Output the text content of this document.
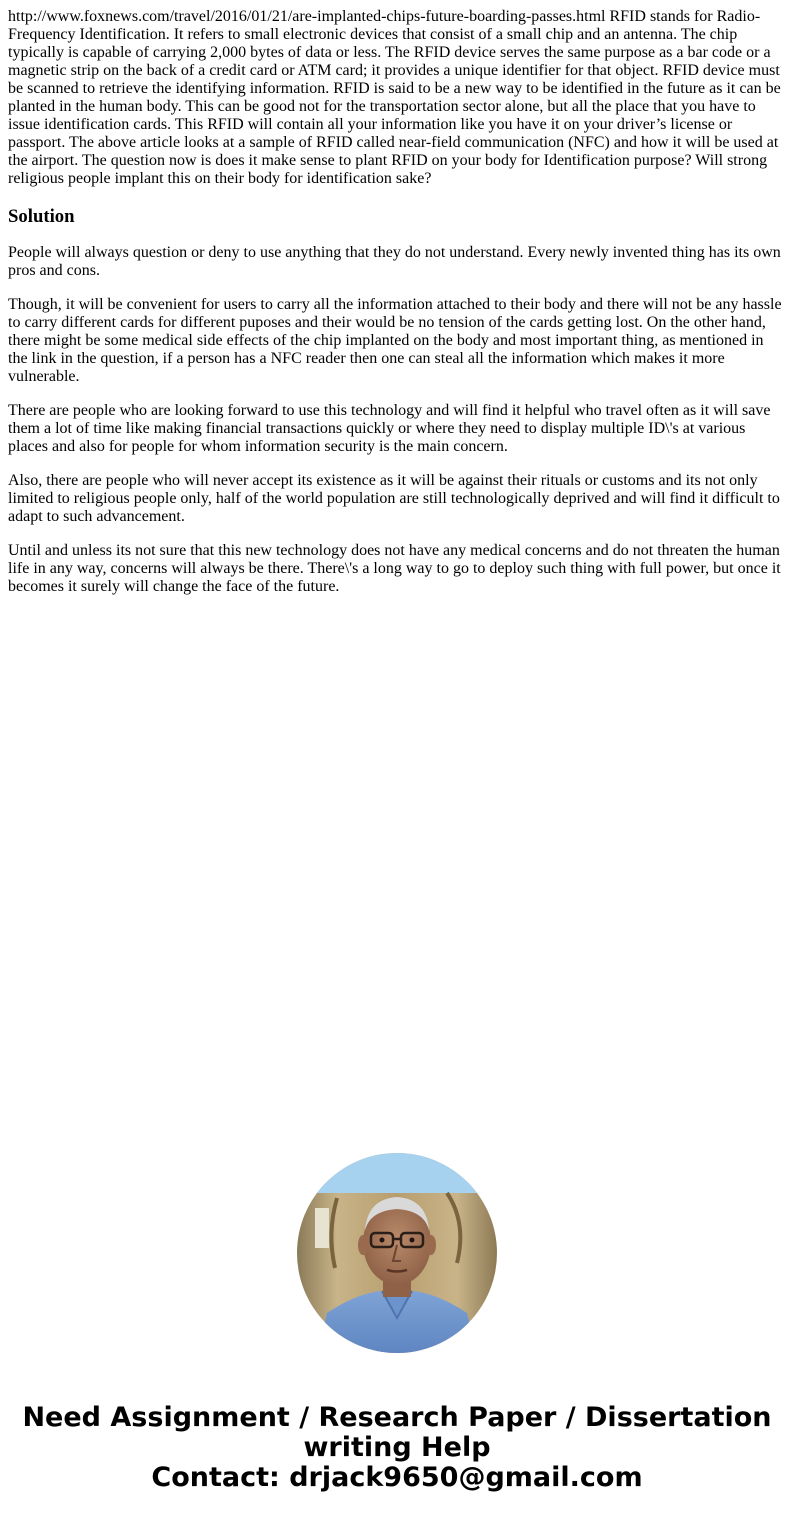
http://www.foxnews.com/travel/2016/01/21/are-implanted-chips-future-boarding-passes.html RFID stands for Radio-Frequency Identification. It refers to small electronic devices that consist of a small chip and an antenna. The chip typically is capable of carrying 2,000 bytes of data or less. The RFID device serves the same purpose as a bar code or a magnetic strip on the back of a credit card or ATM card; it provides a unique identifier for that object. RFID device must be scanned to retrieve the identifying information. RFID is said to be a new way to be identified in the future as it can be planted in the human body. This can be good not for the transportation sector alone, but all the place that you have to issue identification cards. This RFID will contain all your information like you have it on your driver’s license or passport. The above article looks at a sample of RFID called near-field communication (NFC) and how it will be used at the airport. The question now is does it make sense to plant RFID on your body for Identification purpose? Will strong religious people implant this on their body for identification sake?

Solution

People will always question or deny to use anything that they do not understand. Every newly invented thing has its own pros and cons.

Though, it will be convenient for users to carry all the information attached to their body and there will not be any hassle to carry different cards for different puposes and their would be no tension of the cards getting lost. On the other hand, there might be some medical side effects of the chip implanted on the body and most important thing, as mentioned in the link in the question, if a person has a NFC reader then one can steal all the information which makes it more vulnerable.

There are people who are looking forward to use this technology and will find it helpful who travel often as it will save them a lot of time like making financial transactions quickly or where they need to display multiple ID\'s at various places and also for people for whom information security is the main concern.

Also, there are people who will never accept its existence as it will be against their rituals or customs and its not only limited to religious people only, half of the world population are still technologically deprived and will find it difficult to adapt to such advancement.

Until and unless its not sure that this new technology does not have any medical concerns and do not threaten the human life in any way, concerns will always be there. There\'s a long way to go to deploy such thing with full power, but once it becomes it surely will change the face of the future.

Need Assignment / Research Paper / Dissertation writing Help
Contact: drjack9650@gmail.com
